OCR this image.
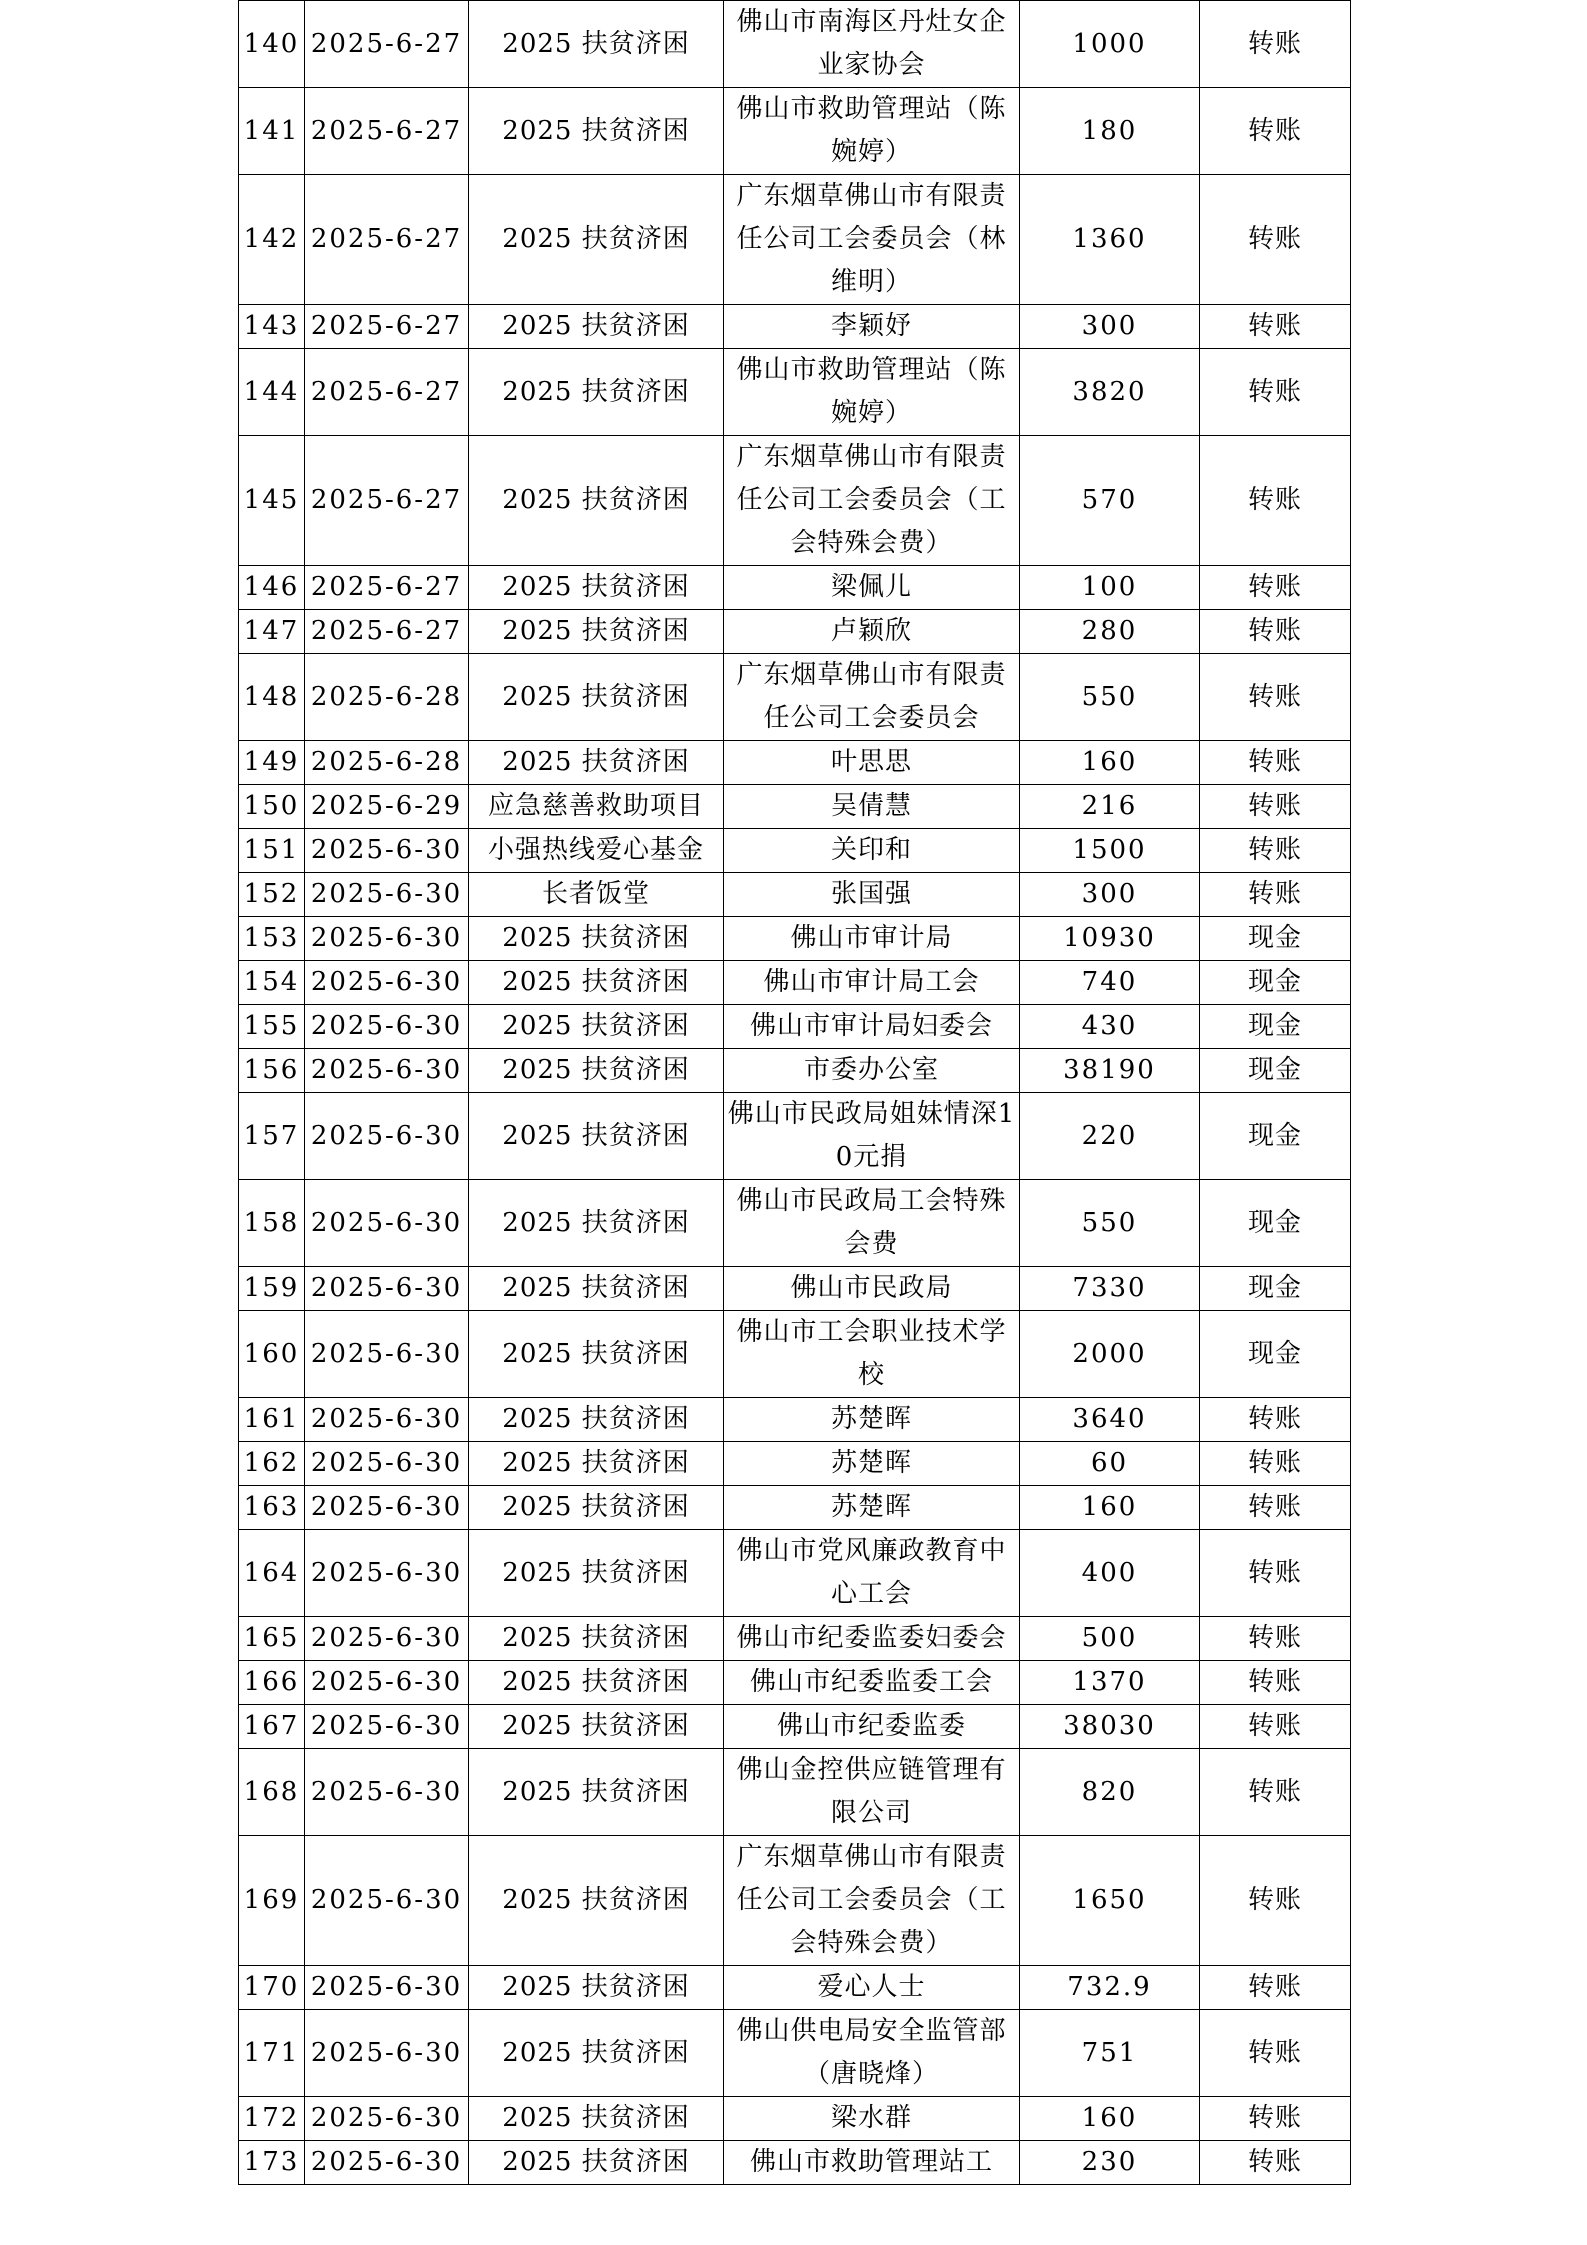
140	2025-6-27	2025 扶贫济困	佛山市南海区丹灶女企业家协会	1000	转账
141	2025-6-27	2025 扶贫济困	佛山市救助管理站（陈婉婷）	180	转账
142	2025-6-27	2025 扶贫济困	广东烟草佛山市有限责任公司工会委员会（林维明）	1360	转账
143	2025-6-27	2025 扶贫济困	李颖妤	300	转账
144	2025-6-27	2025 扶贫济困	佛山市救助管理站（陈婉婷）	3820	转账
145	2025-6-27	2025 扶贫济困	广东烟草佛山市有限责任公司工会委员会（工会特殊会费）	570	转账
146	2025-6-27	2025 扶贫济困	梁佩儿	100	转账
147	2025-6-27	2025 扶贫济困	卢颖欣	280	转账
148	2025-6-28	2025 扶贫济困	广东烟草佛山市有限责任公司工会委员会	550	转账
149	2025-6-28	2025 扶贫济困	叶思思	160	转账
150	2025-6-29	应急慈善救助项目	吴倩慧	216	转账
151	2025-6-30	小强热线爱心基金	关印和	1500	转账
152	2025-6-30	长者饭堂	张国强	300	转账
153	2025-6-30	2025 扶贫济困	佛山市审计局	10930	现金
154	2025-6-30	2025 扶贫济困	佛山市审计局工会	740	现金
155	2025-6-30	2025 扶贫济困	佛山市审计局妇委会	430	现金
156	2025-6-30	2025 扶贫济困	市委办公室	38190	现金
157	2025-6-30	2025 扶贫济困	佛山市民政局姐妹情深10元捐	220	现金
158	2025-6-30	2025 扶贫济困	佛山市民政局工会特殊会费	550	现金
159	2025-6-30	2025 扶贫济困	佛山市民政局	7330	现金
160	2025-6-30	2025 扶贫济困	佛山市工会职业技术学校	2000	现金
161	2025-6-30	2025 扶贫济困	苏楚晖	3640	转账
162	2025-6-30	2025 扶贫济困	苏楚晖	60	转账
163	2025-6-30	2025 扶贫济困	苏楚晖	160	转账
164	2025-6-30	2025 扶贫济困	佛山市党风廉政教育中心工会	400	转账
165	2025-6-30	2025 扶贫济困	佛山市纪委监委妇委会	500	转账
166	2025-6-30	2025 扶贫济困	佛山市纪委监委工会	1370	转账
167	2025-6-30	2025 扶贫济困	佛山市纪委监委	38030	转账
168	2025-6-30	2025 扶贫济困	佛山金控供应链管理有限公司	820	转账
169	2025-6-30	2025 扶贫济困	广东烟草佛山市有限责任公司工会委员会（工会特殊会费）	1650	转账
170	2025-6-30	2025 扶贫济困	爱心人士	732.9	转账
171	2025-6-30	2025 扶贫济困	佛山供电局安全监管部（唐晓烽）	751	转账
172	2025-6-30	2025 扶贫济困	梁水群	160	转账
173	2025-6-30	2025 扶贫济困	佛山市救助管理站工	230	转账
